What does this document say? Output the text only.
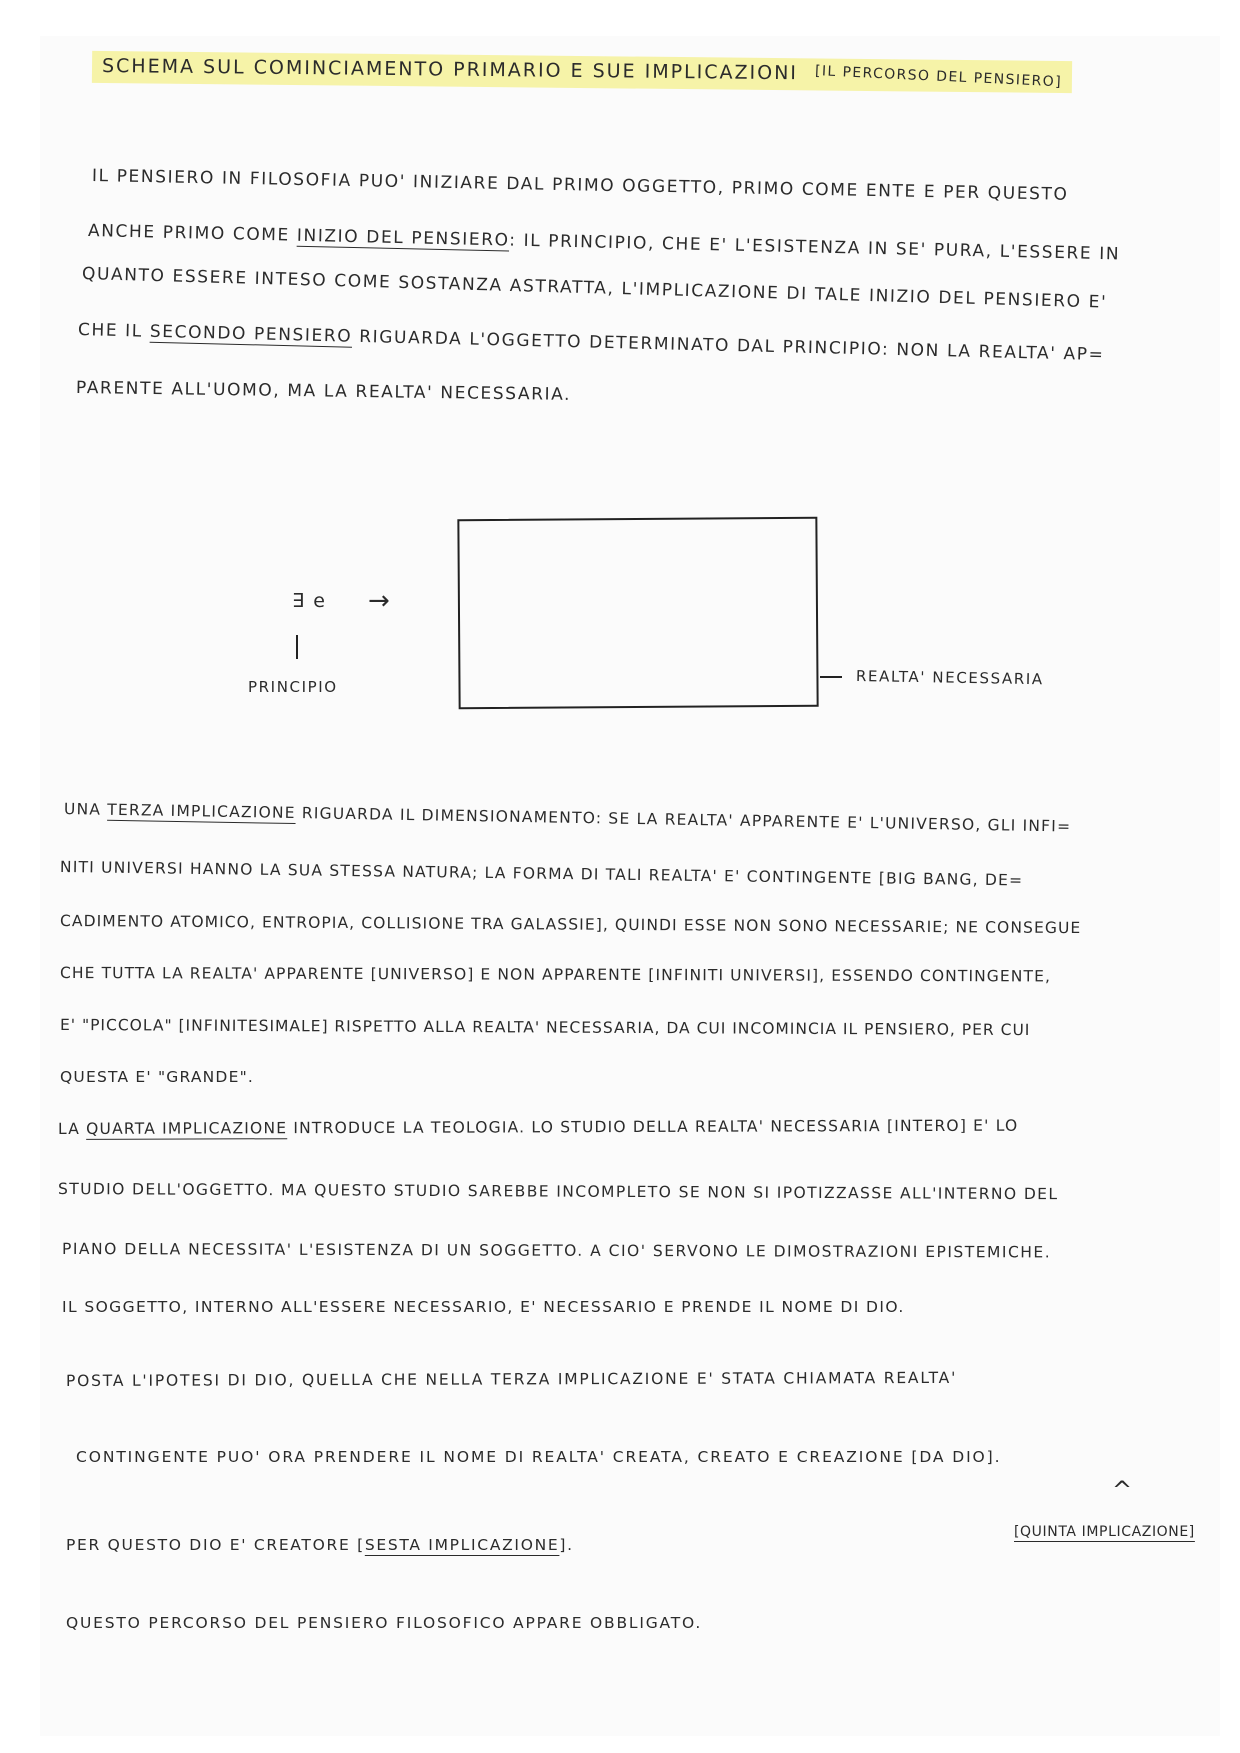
SCHEMA SUL COMINCIAMENTO PRIMARIO E SUE IMPLICAZIONI [IL PERCORSO DEL PENSIERO]
IL PENSIERO IN FILOSOFIA PUO' INIZIARE DAL PRIMO OGGETTO, PRIMO COME ENTE E PER QUESTO
ANCHE PRIMO COME INIZIO DEL PENSIERO: IL PRINCIPIO, CHE E' L'ESISTENZA IN SE' PURA, L'ESSERE IN
QUANTO ESSERE INTESO COME SOSTANZA ASTRATTA, L'IMPLICAZIONE DI TALE INIZIO DEL PENSIERO E'
CHE IL SECONDO PENSIERO RIGUARDA L'OGGETTO DETERMINATO DAL PRINCIPIO: NON LA REALTA' AP=
PARENTE ALL'UOMO, MA LA REALTA' NECESSARIA.
∃ e →
PRINCIPIO	REALTA' NECESSARIA
UNA TERZA IMPLICAZIONE RIGUARDA IL DIMENSIONAMENTO: SE LA REALTA' APPARENTE E' L'UNIVERSO, GLI INFI=
NITI UNIVERSI HANNO LA SUA STESSA NATURA; LA FORMA DI TALI REALTA' E' CONTINGENTE [BIG BANG, DE=
CADIMENTO ATOMICO, ENTROPIA, COLLISIONE TRA GALASSIE], QUINDI ESSE NON SONO NECESSARIE; NE CONSEGUE
CHE TUTTA LA REALTA' APPARENTE [UNIVERSO] E NON APPARENTE [INFINITI UNIVERSI], ESSENDO CONTINGENTE,
E' "PICCOLA" [INFINITESIMALE] RISPETTO ALLA REALTA' NECESSARIA, DA CUI INCOMINCIA IL PENSIERO, PER CUI
QUESTA E' "GRANDE".
LA QUARTA IMPLICAZIONE INTRODUCE LA TEOLOGIA. LO STUDIO DELLA REALTA' NECESSARIA [INTERO] E' LO
STUDIO DELL'OGGETTO. MA QUESTO STUDIO SAREBBE INCOMPLETO SE NON SI IPOTIZZASSE ALL'INTERNO DEL
PIANO DELLA NECESSITA' L'ESISTENZA DI UN SOGGETTO. A CIO' SERVONO LE DIMOSTRAZIONI EPISTEMICHE.
IL SOGGETTO, INTERNO ALL'ESSERE NECESSARIO, E' NECESSARIO E PRENDE IL NOME DI DIO.
POSTA L'IPOTESI DI DIO, QUELLA CHE NELLA TERZA IMPLICAZIONE E' STATA CHIAMATA REALTA'
CONTINGENTE PUO' ORA PRENDERE IL NOME DI REALTA' CREATA, CREATO E CREAZIONE [DA DIO].
^
[QUINTA IMPLICAZIONE]
PER QUESTO DIO E' CREATORE [SESTA IMPLICAZIONE].
QUESTO PERCORSO DEL PENSIERO FILOSOFICO APPARE OBBLIGATO.
